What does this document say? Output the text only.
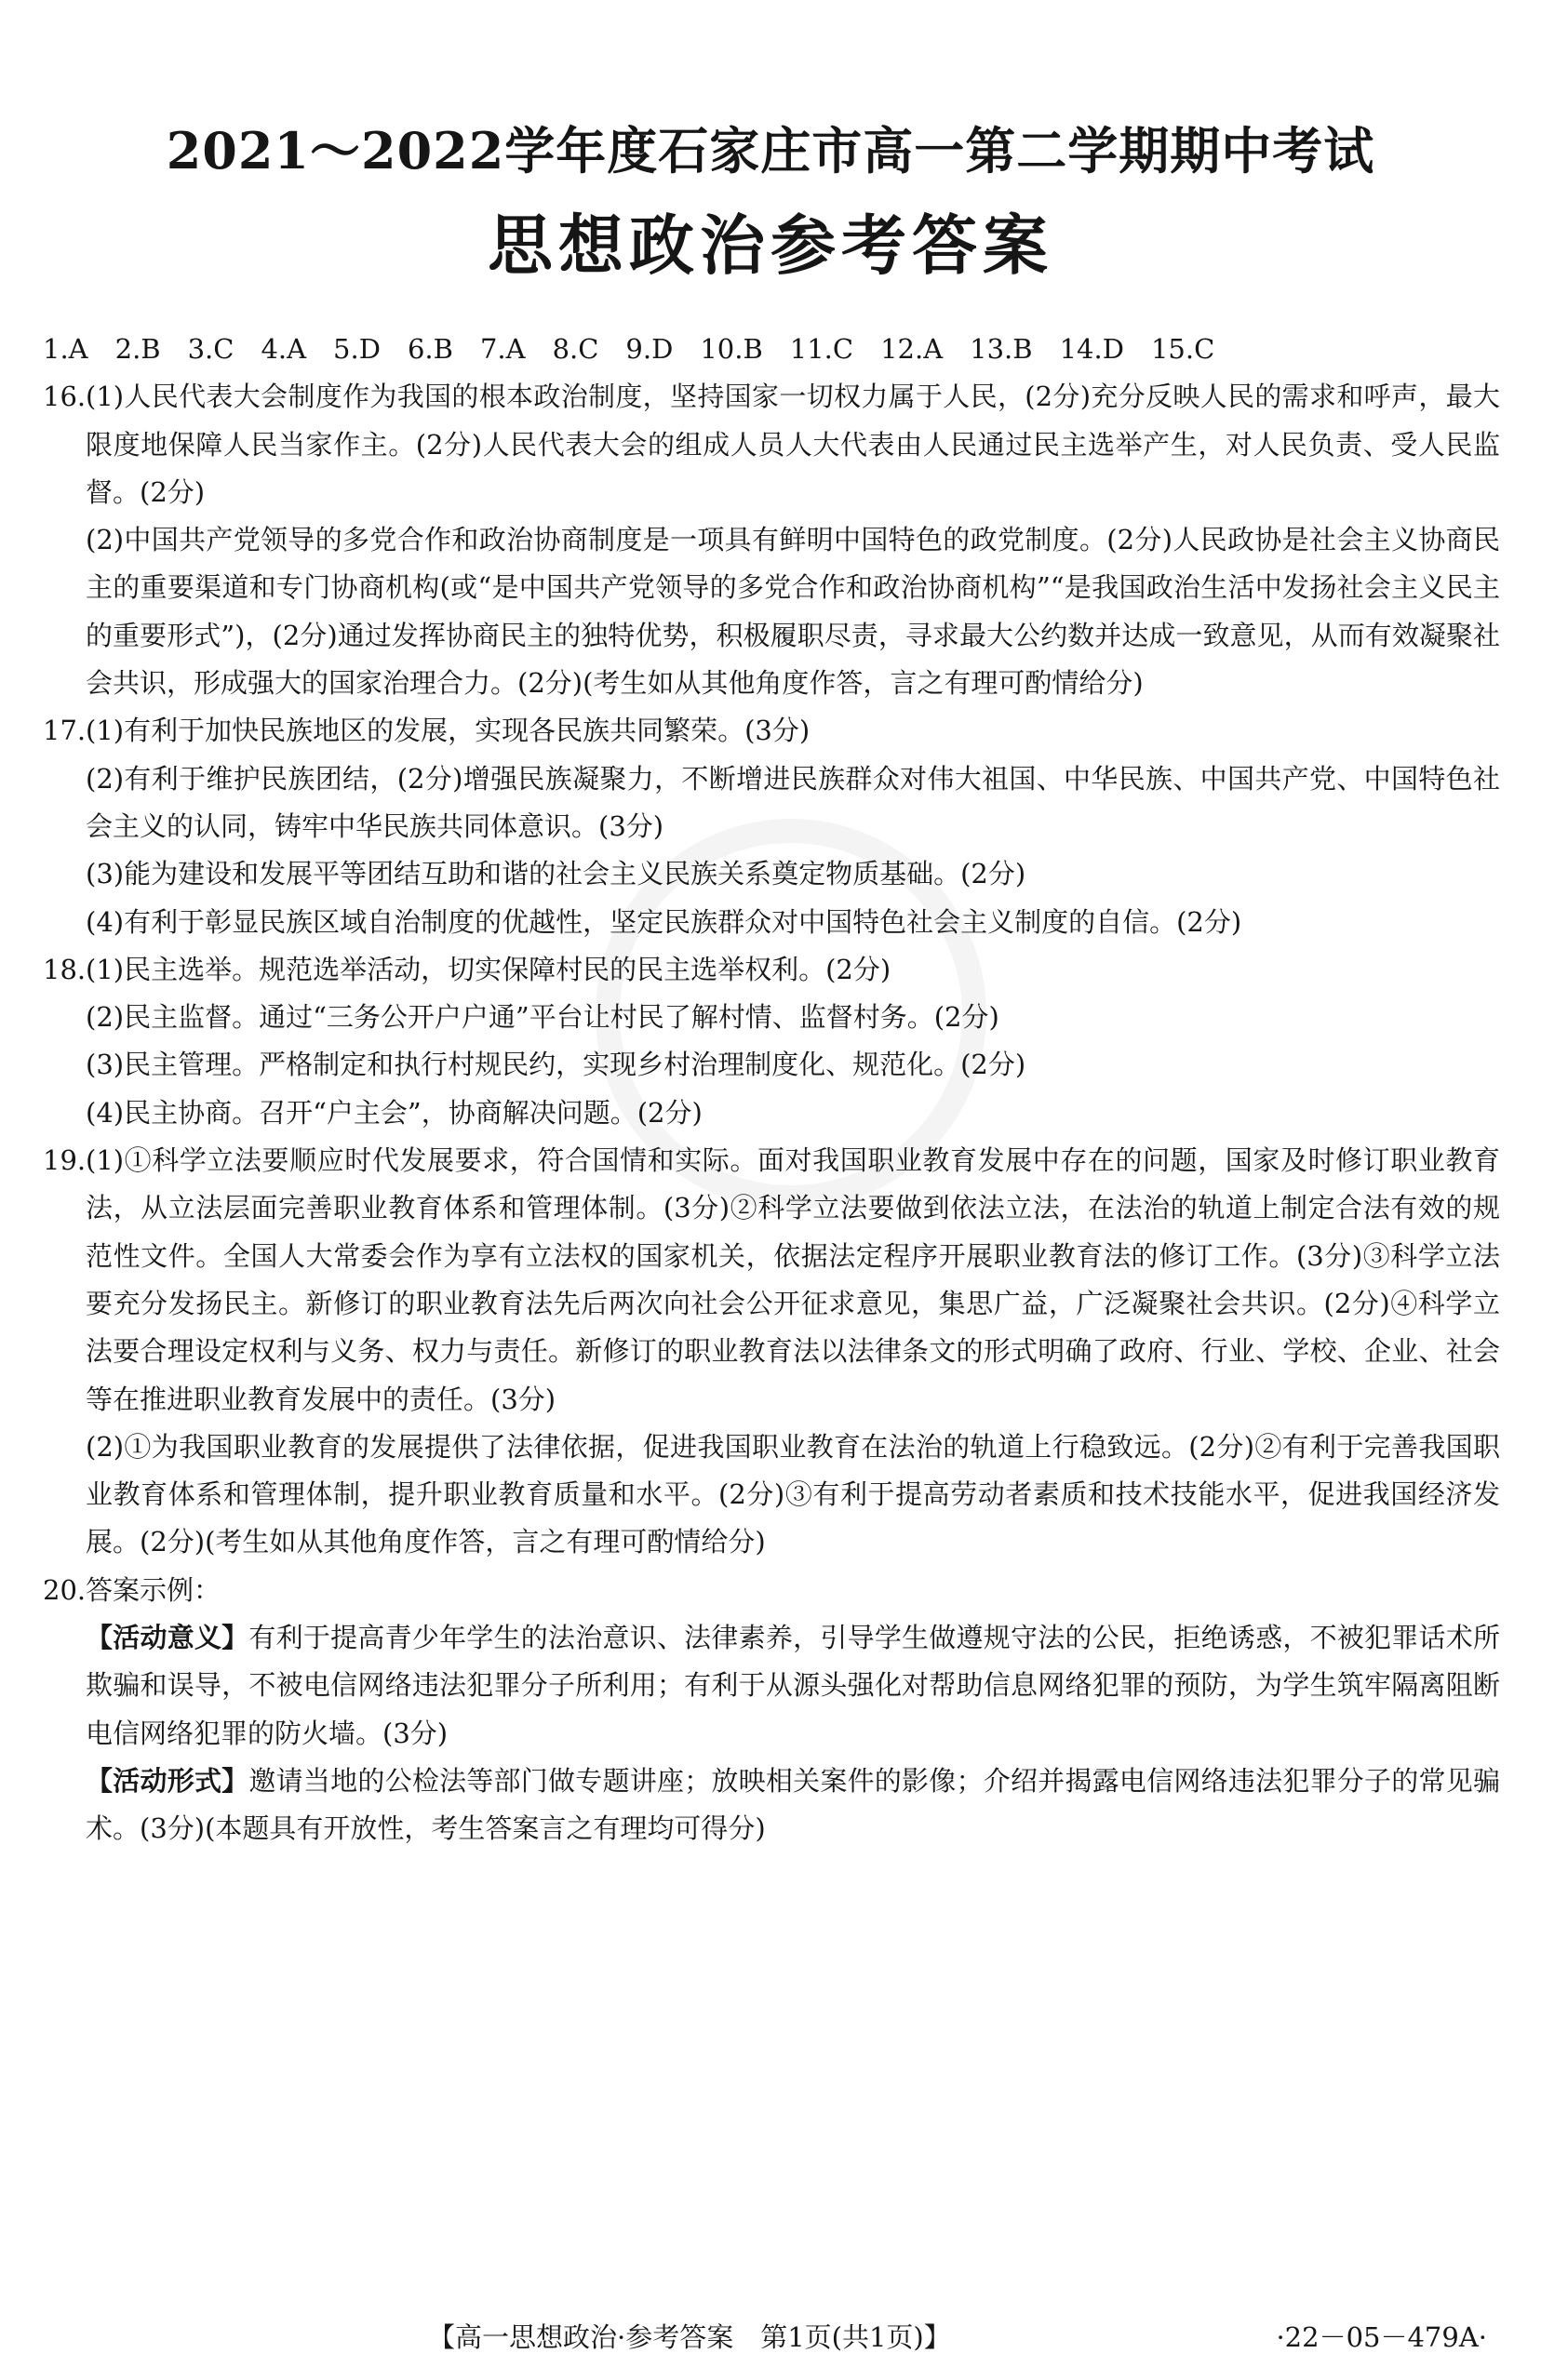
2021～2022学年度石家庄市高一第二学期期中考试
思想政治参考答案
1.A　2.B　3.C　4.A　5.D　6.B　7.A　8.C　9.D　10.B　11.C　12.A　13.B　14.D　15.C
16. (1)人民代表大会制度作为我国的根本政治制度，坚持国家一切权力属于人民，(2分)充分反映人民的需求和呼声，最大限度地保障人民当家作主。(2分)人民代表大会的组成人员人大代表由人民通过民主选举产生，对人民负责、受人民监督。(2分)

(2)中国共产党领导的多党合作和政治协商制度是一项具有鲜明中国特色的政党制度。(2分)人民政协是社会主义协商民主的重要渠道和专门协商机构(或“是中国共产党领导的多党合作和政治协商机构”“是我国政治生活中发扬社会主义民主的重要形式”)，(2分)通过发挥协商民主的独特优势，积极履职尽责，寻求最大公约数并达成一致意见，从而有效凝聚社会共识，形成强大的国家治理合力。(2分)(考生如从其他角度作答，言之有理可酌情给分)

17. (1)有利于加快民族地区的发展，实现各民族共同繁荣。(3分)

(2)有利于维护民族团结，(2分)增强民族凝聚力，不断增进民族群众对伟大祖国、中华民族、中国共产党、中国特色社会主义的认同，铸牢中华民族共同体意识。(3分)

(3)能为建设和发展平等团结互助和谐的社会主义民族关系奠定物质基础。(2分)

(4)有利于彰显民族区域自治制度的优越性，坚定民族群众对中国特色社会主义制度的自信。(2分)

18. (1)民主选举。规范选举活动，切实保障村民的民主选举权利。(2分)

(2)民主监督。通过“三务公开户户通”平台让村民了解村情、监督村务。(2分)

(3)民主管理。严格制定和执行村规民约，实现乡村治理制度化、规范化。(2分)

(4)民主协商。召开“户主会”，协商解决问题。(2分)

19. (1)①科学立法要顺应时代发展要求，符合国情和实际。面对我国职业教育发展中存在的问题，国家及时修订职业教育法，从立法层面完善职业教育体系和管理体制。(3分)②科学立法要做到依法立法，在法治的轨道上制定合法有效的规范性文件。全国人大常委会作为享有立法权的国家机关，依据法定程序开展职业教育法的修订工作。(3分)③科学立法要充分发扬民主。新修订的职业教育法先后两次向社会公开征求意见，集思广益，广泛凝聚社会共识。(2分)④科学立法要合理设定权利与义务、权力与责任。新修订的职业教育法以法律条文的形式明确了政府、行业、学校、企业、社会等在推进职业教育发展中的责任。(3分)

(2)①为我国职业教育的发展提供了法律依据，促进我国职业教育在法治的轨道上行稳致远。(2分)②有利于完善我国职业教育体系和管理体制，提升职业教育质量和水平。(2分)③有利于提高劳动者素质和技术技能水平，促进我国经济发展。(2分)(考生如从其他角度作答，言之有理可酌情给分)

20. 答案示例：

【活动意义】有利于提高青少年学生的法治意识、法律素养，引导学生做遵规守法的公民，拒绝诱惑，不被犯罪话术所欺骗和误导，不被电信网络违法犯罪分子所利用；有利于从源头强化对帮助信息网络犯罪的预防，为学生筑牢隔离阻断电信网络犯罪的防火墙。(3分)

【活动形式】邀请当地的公检法等部门做专题讲座；放映相关案件的影像；介绍并揭露电信网络违法犯罪分子的常见骗术。(3分)(本题具有开放性，考生答案言之有理均可得分)

【高一思想政治·参考答案　第1页(共1页)】	·22－05－479A·
